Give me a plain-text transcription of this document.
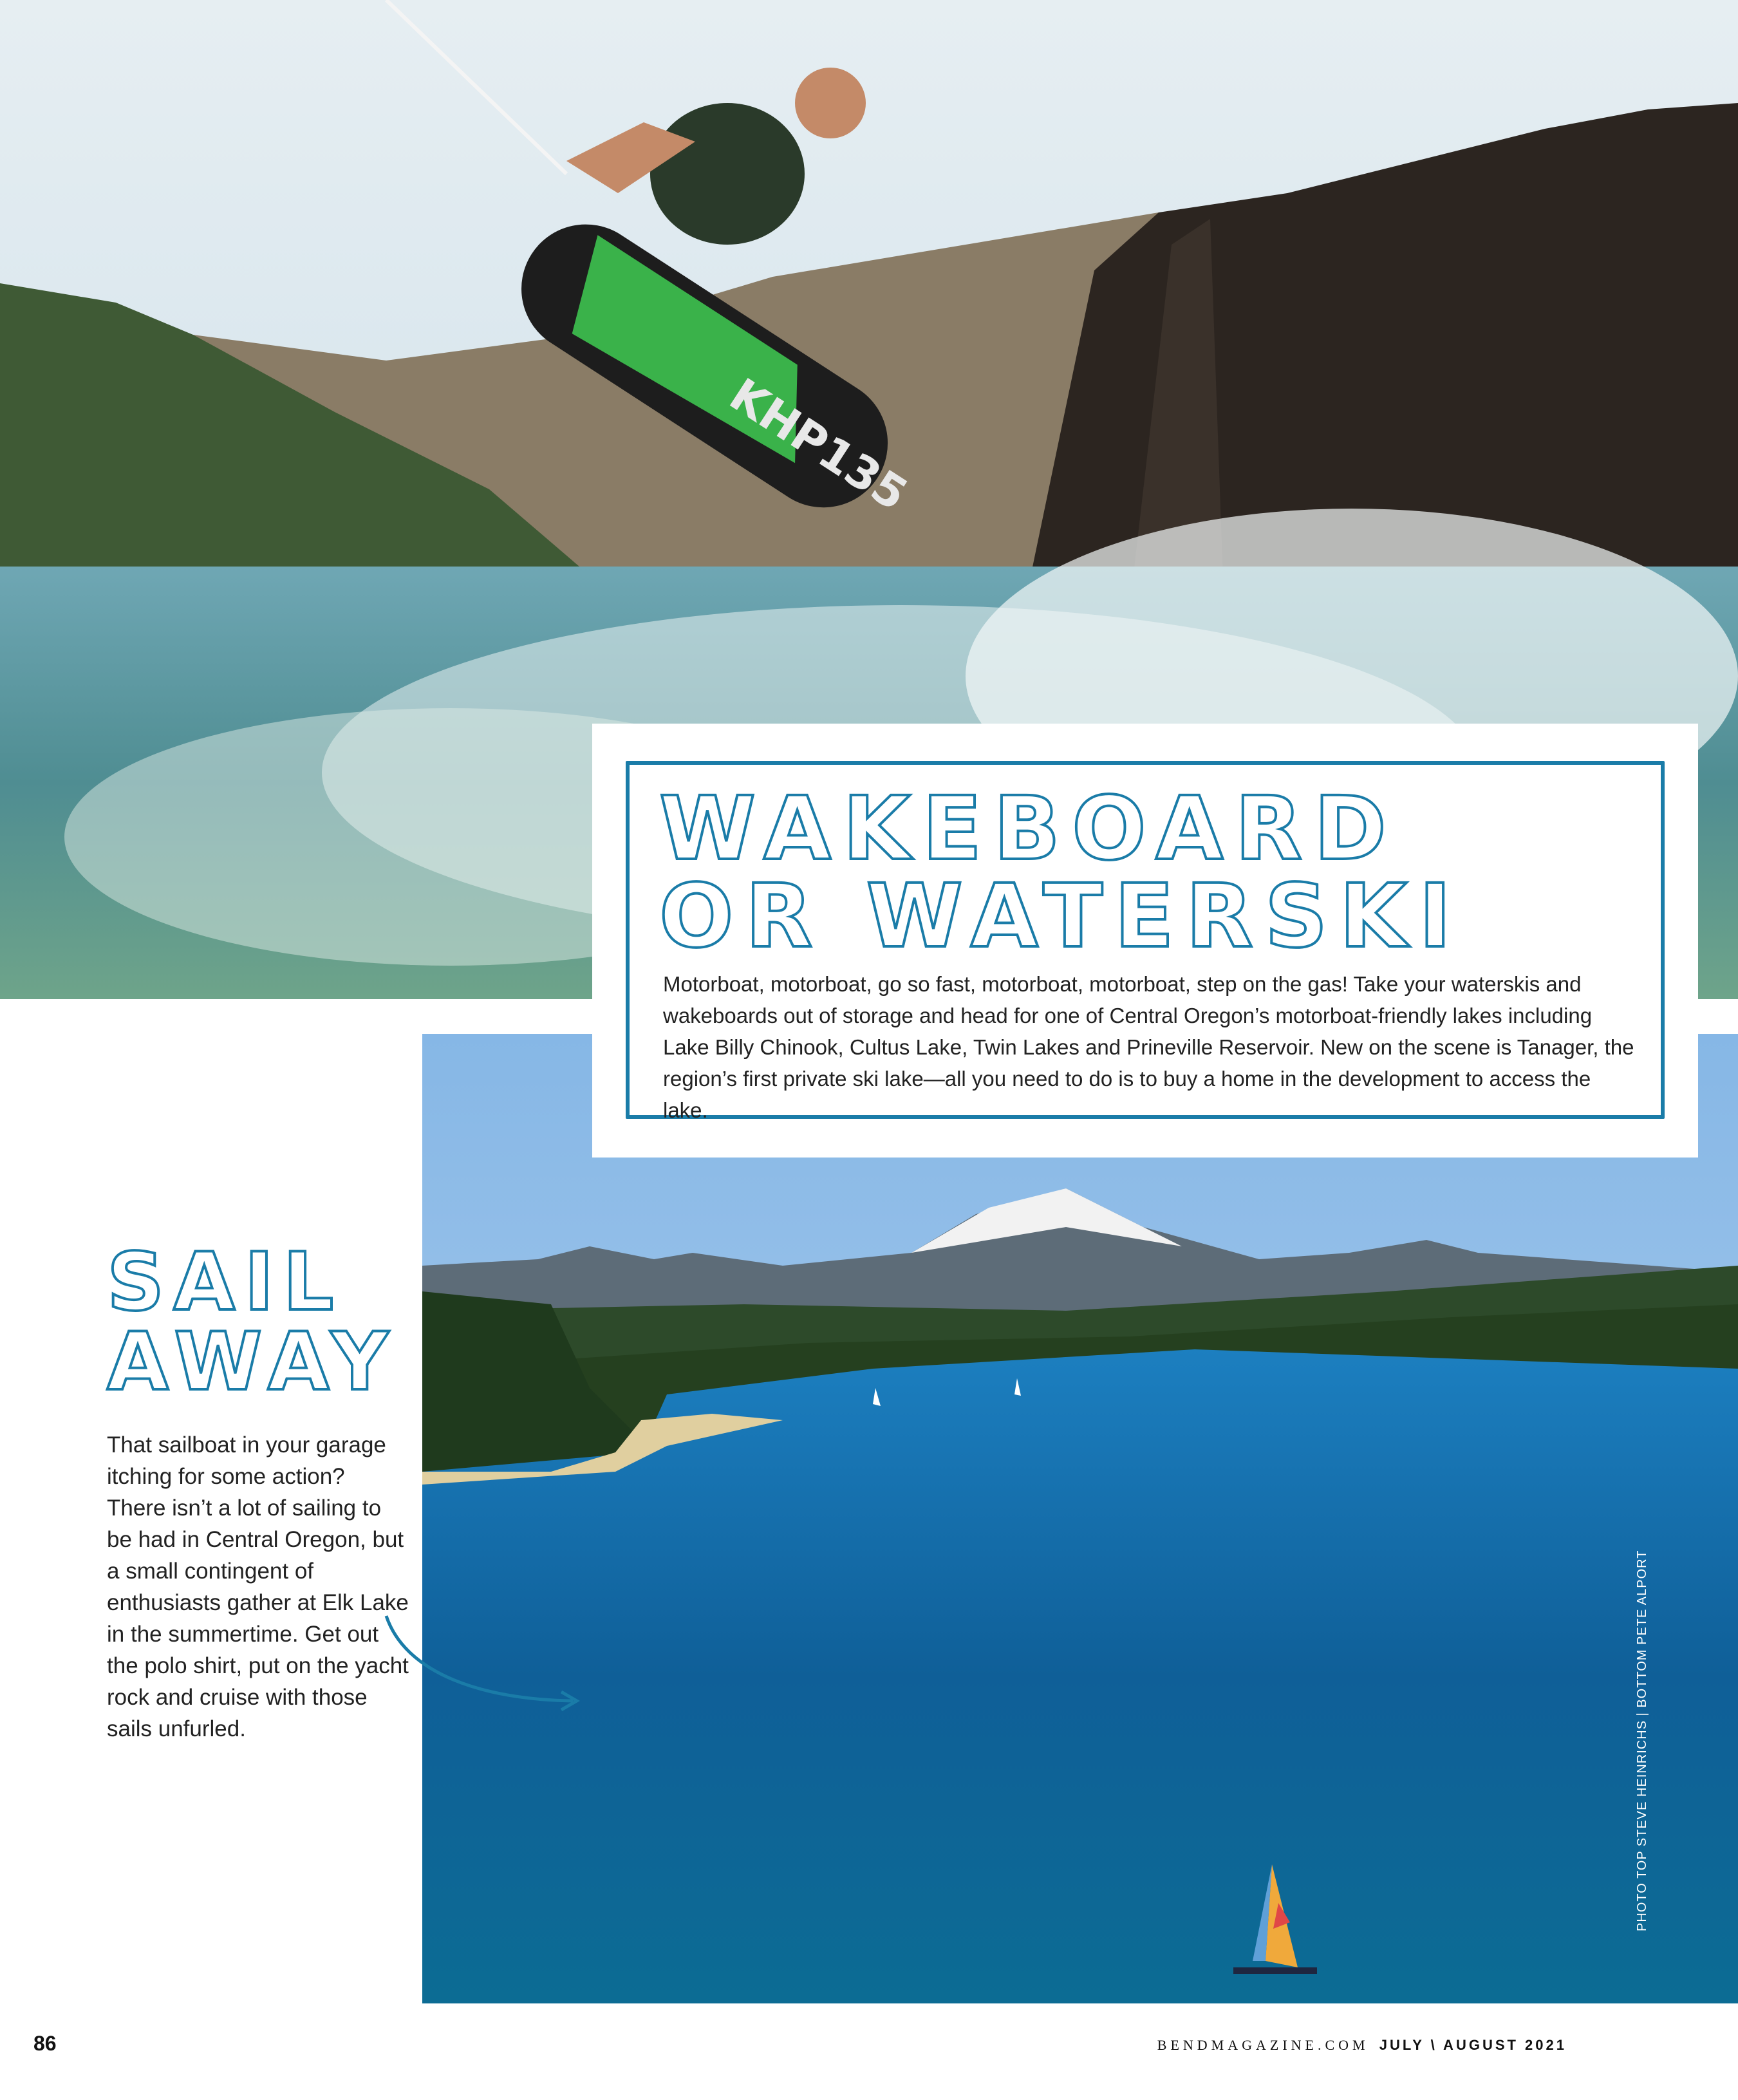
KHP135
WAKEBOARD
OR WATERSKI
Motorboat, motorboat, go so fast, motorboat, motorboat, step on the gas! Take your waterskis and wakeboards out of storage and head for one of Central Oregon’s motorboat-friendly lakes including Lake Billy Chinook, Cultus Lake, Twin Lakes and Prineville Reservoir. New on the scene is Tanager, the region’s first private ski lake—all you need to do is to buy a home in the development to access the lake.
SAIL
AWAY
That sailboat in your garage itching for some action? There isn’t a lot of sailing to be had in Central Oregon, but a small contingent of enthusiasts gather at Elk Lake in the summertime. Get out the polo shirt, put on the yacht rock and cruise with those sails unfurled.	PHOTO TOP STEVE HEINRICHS | BOTTOM PETE ALPORT
86	BENDMAGAZINE.COM JULY \ AUGUST 2021
